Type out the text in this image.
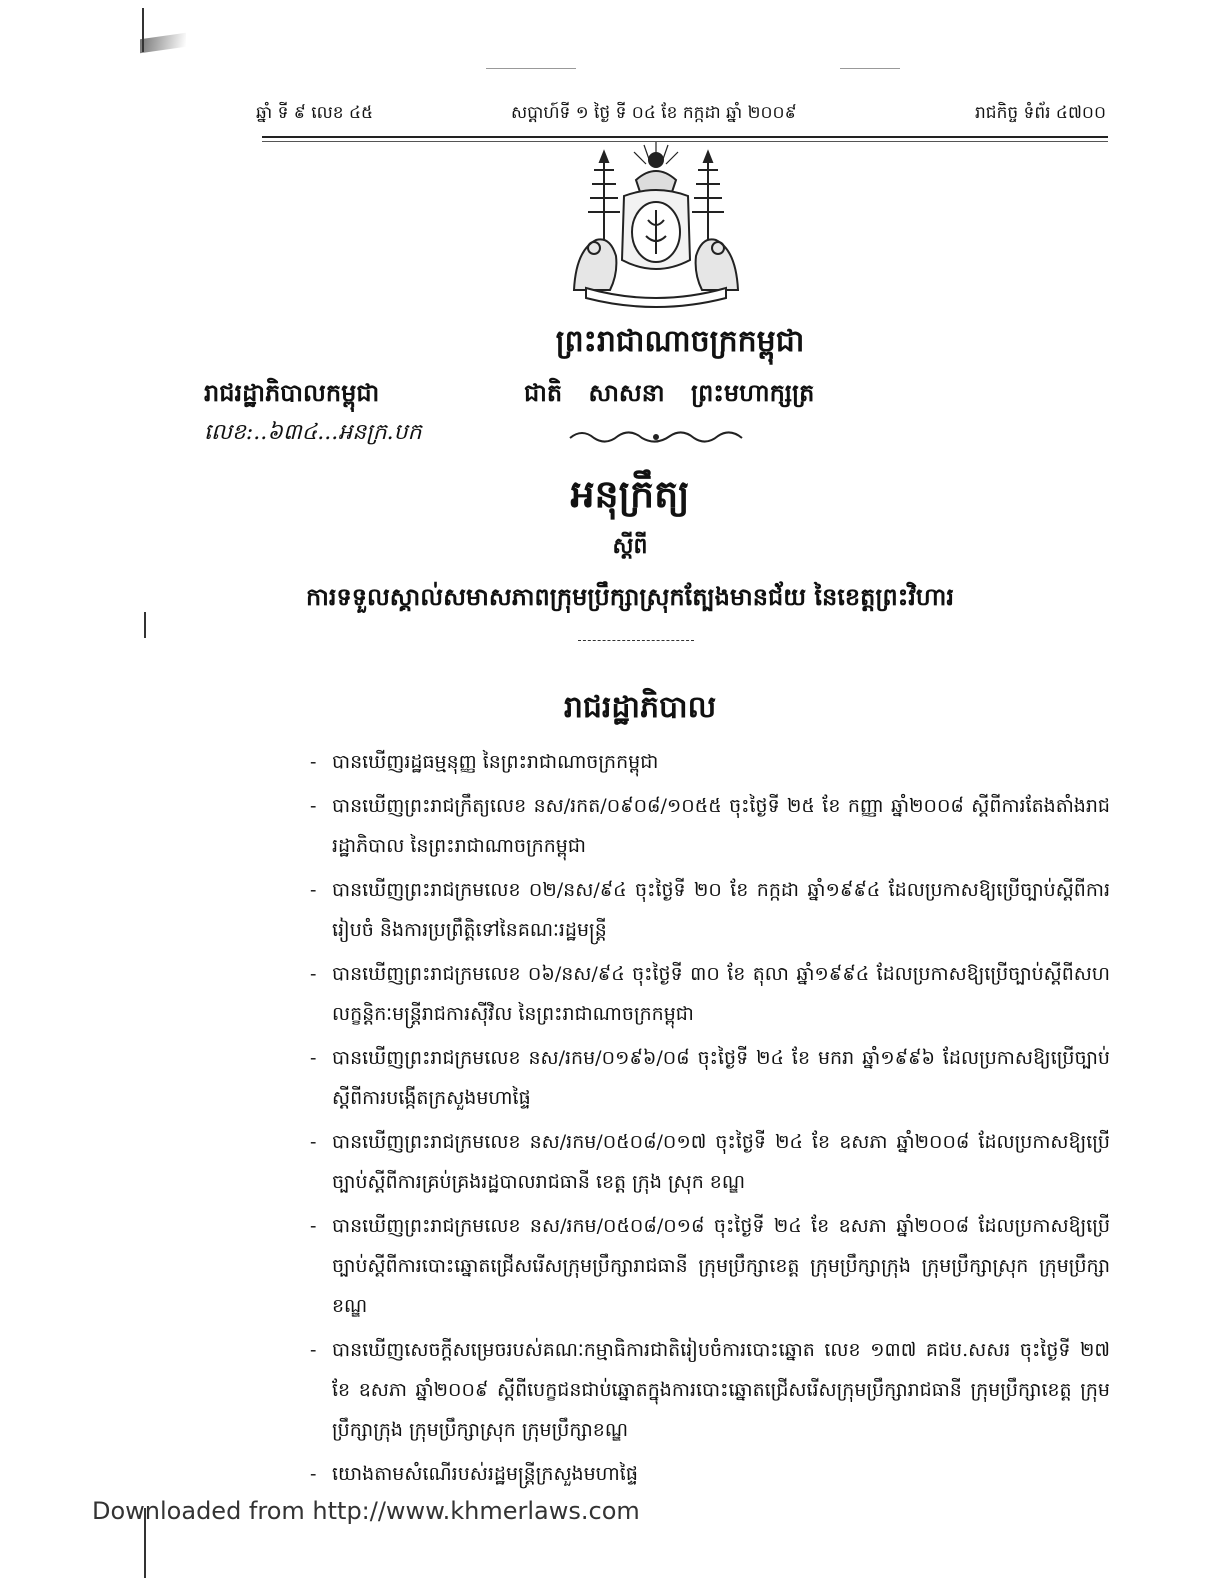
ឆ្នាំ ទី ៩ លេខ ៤៥	សប្តាហ៍ទី ១ ថ្ងៃ ទី ០៤ ខែ កក្កដា ឆ្នាំ ២០០៩	រាជកិច្ច ទំព័រ ៤៧០០
ព្រះរាជាណាចក្រកម្ពុជា
រាជរដ្ឋាភិបាលកម្ពុជា	ជាតិ សាសនា ព្រះមហាក្សត្រ
លេខ:..៦៣៤...អនក្រ.បក
អនុក្រឹត្យ
ស្តីពី
ការទទួលស្គាល់សមាសភាពក្រុមប្រឹក្សាស្រុកត្បែងមានជ័យ នៃខេត្តព្រះវិហារ
រាជរដ្ឋាភិបាល
- បានឃើញរដ្ឋធម្មនុញ្ញ នៃព្រះរាជាណាចក្រកម្ពុជា
- បានឃើញព្រះរាជក្រឹត្យលេខ នស/រកត/០៩០៨/១០៥៥ ចុះថ្ងៃទី ២៥ ខែ កញ្ញា ឆ្នាំ២០០៨ ស្តីពីការតែងតាំងរាជរដ្ឋាភិបាល នៃព្រះរាជាណាចក្រកម្ពុជា
- បានឃើញព្រះរាជក្រមលេខ ០២/នស/៩៤ ចុះថ្ងៃទី ២០ ខែ កក្កដា ឆ្នាំ១៩៩៤ ដែលប្រកាសឱ្យប្រើច្បាប់ស្តីពីការរៀបចំ និងការប្រព្រឹត្តិទៅនៃគណៈរដ្ឋមន្ត្រី
- បានឃើញព្រះរាជក្រមលេខ ០៦/នស/៩៤ ចុះថ្ងៃទី ៣០ ខែ តុលា ឆ្នាំ១៩៩៤ ដែលប្រកាសឱ្យប្រើច្បាប់ស្តីពីសហលក្ខន្តិកៈមន្ត្រីរាជការស៊ីវិល នៃព្រះរាជាណាចក្រកម្ពុជា
- បានឃើញព្រះរាជក្រមលេខ នស/រកម/០១៩៦/០៨ ចុះថ្ងៃទី ២៤ ខែ មករា ឆ្នាំ១៩៩៦ ដែលប្រកាសឱ្យប្រើច្បាប់ស្តីពីការបង្កើតក្រសួងមហាផ្ទៃ
- បានឃើញព្រះរាជក្រមលេខ នស/រកម/០៥០៨/០១៧ ចុះថ្ងៃទី ២៤ ខែ ឧសភា ឆ្នាំ២០០៨ ដែលប្រកាសឱ្យប្រើច្បាប់ស្តីពីការគ្រប់គ្រងរដ្ឋបាលរាជធានី ខេត្ត ក្រុង ស្រុក ខណ្ឌ
- បានឃើញព្រះរាជក្រមលេខ នស/រកម/០៥០៨/០១៨ ចុះថ្ងៃទី ២៤ ខែ ឧសភា ឆ្នាំ២០០៨ ដែលប្រកាសឱ្យប្រើច្បាប់ស្តីពីការបោះឆ្នោតជ្រើសរើសក្រុមប្រឹក្សារាជធានី ក្រុមប្រឹក្សាខេត្ត ក្រុមប្រឹក្សាក្រុង ក្រុមប្រឹក្សាស្រុក ក្រុមប្រឹក្សាខណ្ឌ
- បានឃើញសេចក្តីសម្រេចរបស់គណៈកម្មាធិការជាតិរៀបចំការបោះឆ្នោត លេខ ១៣៧ គជប.សសរ ចុះថ្ងៃទី ២៧ ខែ ឧសភា ឆ្នាំ២០០៩ ស្តីពីបេក្ខជនជាប់ឆ្នោតក្នុងការបោះឆ្នោតជ្រើសរើសក្រុមប្រឹក្សារាជធានី ក្រុមប្រឹក្សាខេត្ត ក្រុមប្រឹក្សាក្រុង ក្រុមប្រឹក្សាស្រុក ក្រុមប្រឹក្សាខណ្ឌ
- យោងតាមសំណើរបស់រដ្ឋមន្ត្រីក្រសួងមហាផ្ទៃ
Downloaded from http://www.khmerlaws.com
